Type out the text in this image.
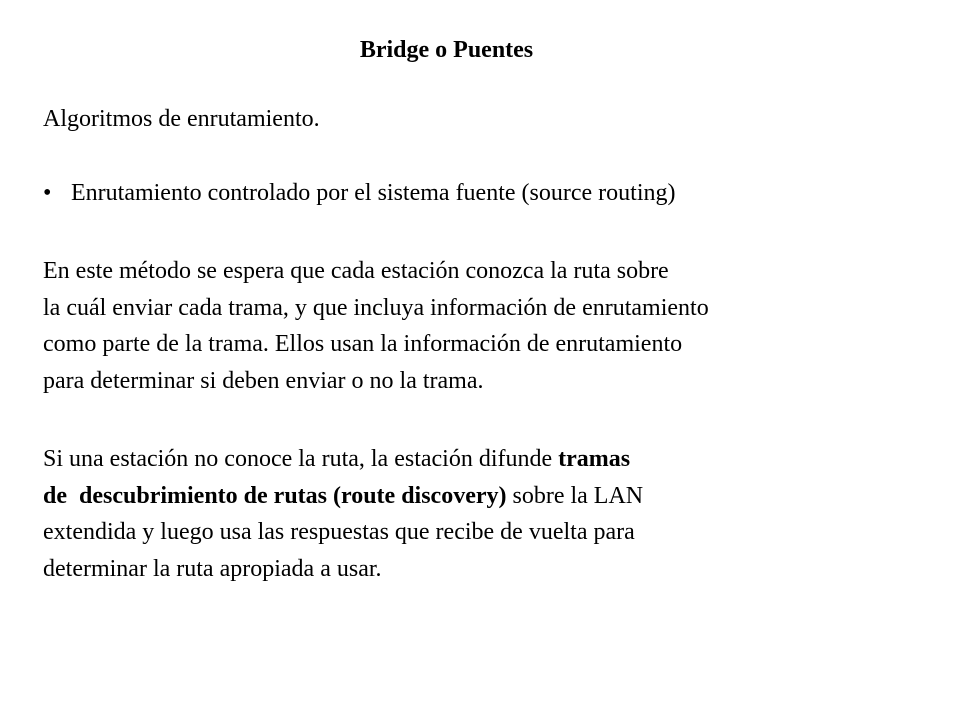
Bridge o Puentes

Algoritmos de enrutamiento.

• Enrutamiento controlado por el sistema fuente (source routing)

En este método se espera que cada estación conozca la ruta sobre
la cuál enviar cada trama, y que incluya información de enrutamiento
como parte de la trama. Ellos usan la información de enrutamiento
para determinar si deben enviar o no la trama.
Si una estación no conoce la ruta, la estación difunde tramas
de  descubrimiento de rutas (route discovery) sobre la LAN
extendida y luego usa las respuestas que recibe de vuelta para
determinar la ruta apropiada a usar.
